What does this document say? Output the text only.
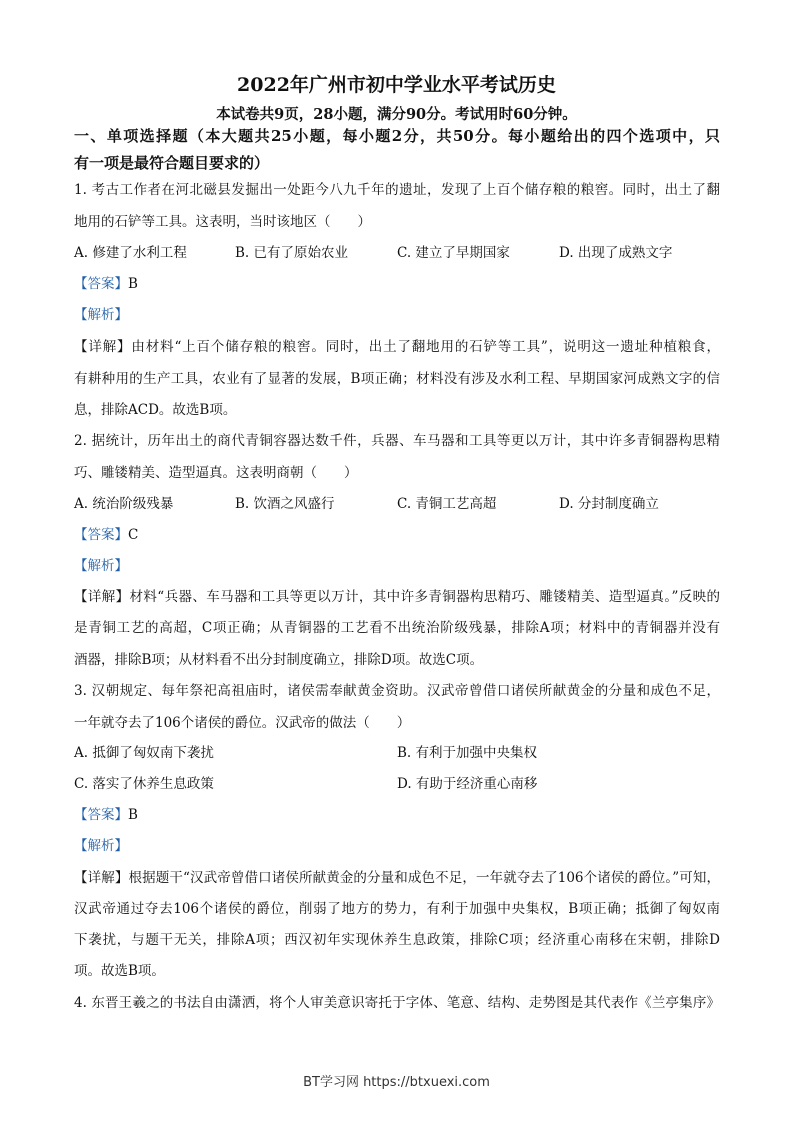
2022年广州市初中学业水平考试历史
本试卷共9页，28小题，满分90分。考试用时60分钟。
一、单项选择题（本大题共25小题，每小题2分，共50分。每小题给出的四个选项中，只
有一项是最符合题目要求的）
1. 考古工作者在河北磁县发掘出一处距今八九千年的遗址，发现了上百个储存粮的粮窖。同时，出土了翻
地用的石铲等工具。这表明，当时该地区（　　）
A. 修建了水利工程	B. 已有了原始农业	C. 建立了早期国家	D. 出现了成熟文字
【答案】B
【解析】
【详解】由材料“上百个储存粮的粮窖。同时，出土了翻地用的石铲等工具”，说明这一遗址种植粮食，
有耕种用的生产工具，农业有了显著的发展，B项正确；材料没有涉及水利工程、早期国家河成熟文字的信
息，排除ACD。故选B项。
2. 据统计，历年出土的商代青铜容器达数千件，兵器、车马器和工具等更以万计，其中许多青铜器构思精
巧、雕镂精美、造型逼真。这表明商朝（　　）
A. 统治阶级残暴	B. 饮酒之风盛行	C. 青铜工艺高超	D. 分封制度确立
【答案】C
【解析】
【详解】材料“兵器、车马器和工具等更以万计，其中许多青铜器构思精巧、雕镂精美、造型逼真。”反映的
是青铜工艺的高超，C项正确；从青铜器的工艺看不出统治阶级残暴，排除A项；材料中的青铜器并没有
酒器，排除B项；从材料看不出分封制度确立，排除D项。故选C项。
3. 汉朝规定、每年祭祀高祖庙时，诸侯需奉献黄金资助。汉武帝曾借口诸侯所献黄金的分量和成色不足，
一年就夺去了106个诸侯的爵位。汉武帝的做法（　　）
A. 抵御了匈奴南下袭扰	B. 有利于加强中央集权
C. 落实了休养生息政策	D. 有助于经济重心南移
【答案】B
【解析】
【详解】根据题干“汉武帝曾借口诸侯所献黄金的分量和成色不足，一年就夺去了106个诸侯的爵位。”可知，
汉武帝通过夺去106个诸侯的爵位，削弱了地方的势力，有利于加强中央集权，B项正确；抵御了匈奴南
下袭扰，与题干无关，排除A项；西汉初年实现休养生息政策，排除C项；经济重心南移在宋朝，排除D
项。故选B项。
4. 东晋王羲之的书法自由潇洒，将个人审美意识寄托于字体、笔意、结构、走势图是其代表作《兰亭集序》
BT学习网 https://btxuexi.com
